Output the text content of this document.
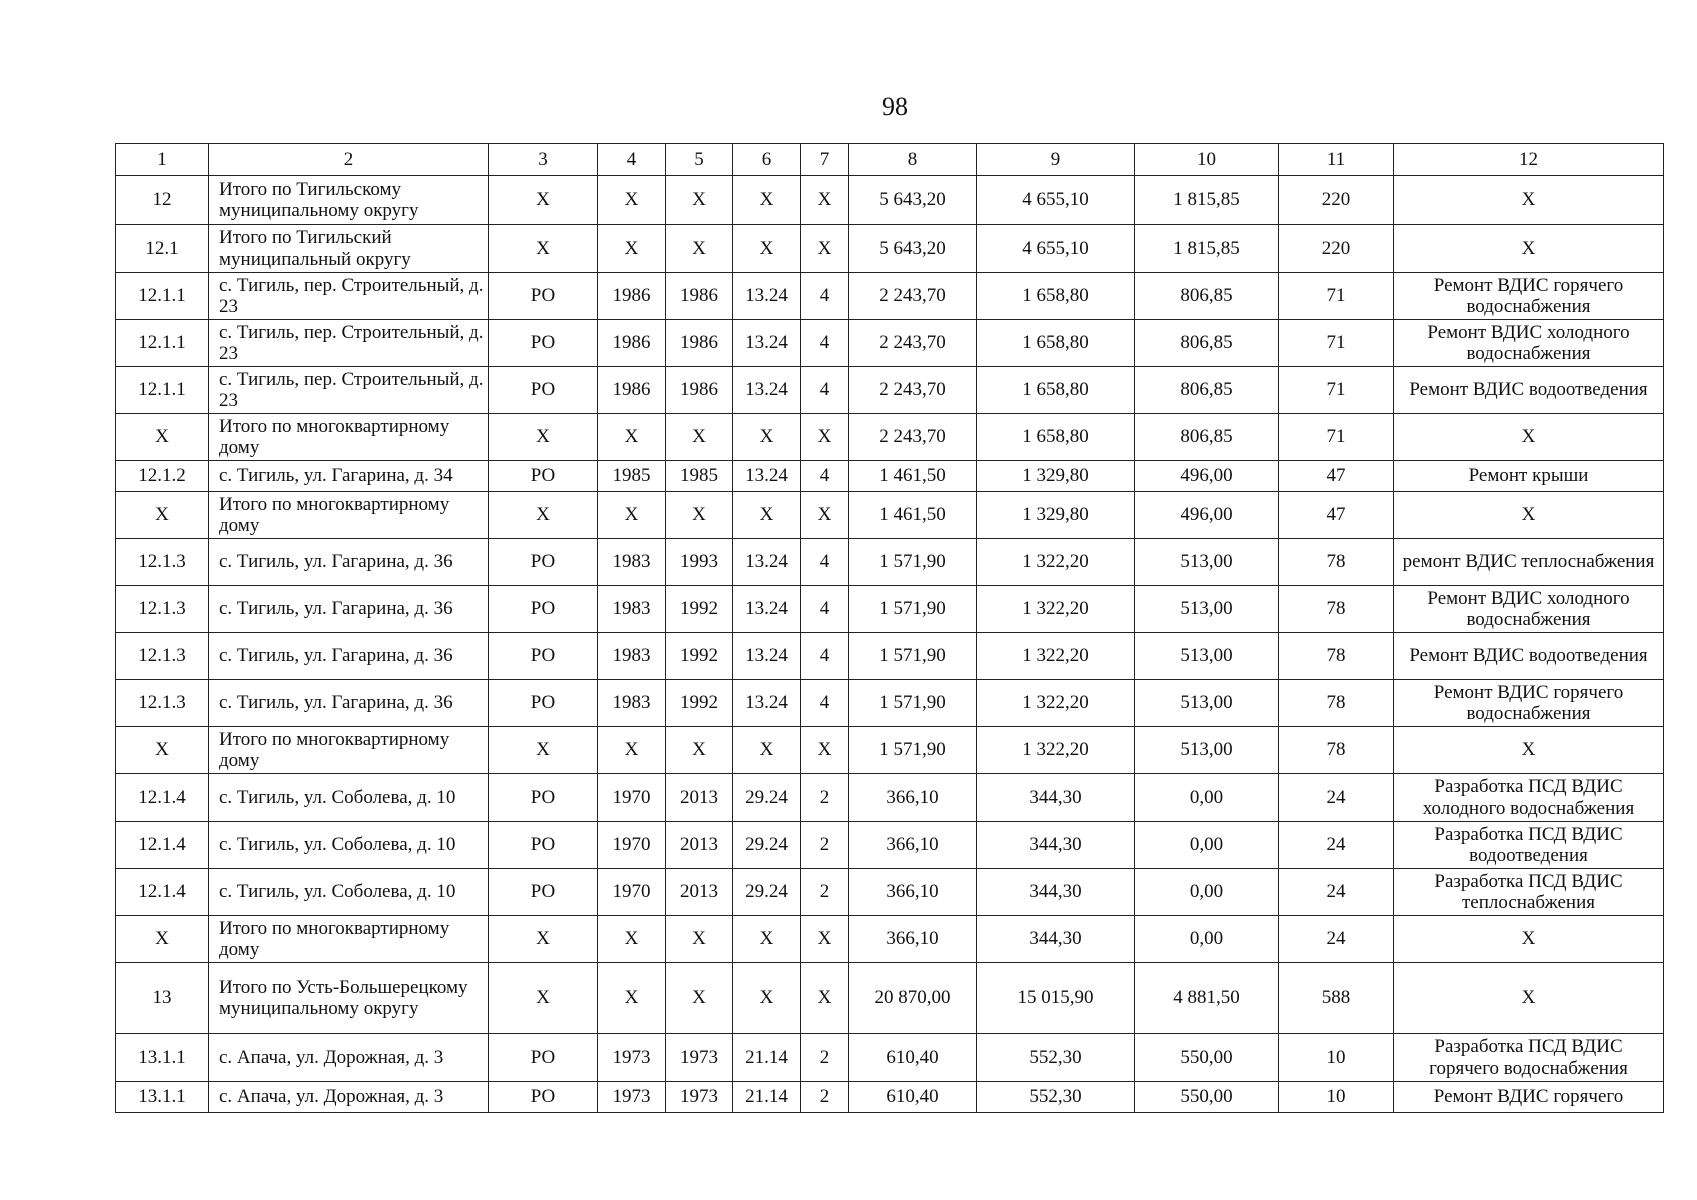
98
1	2	3	4	5	6	7	8	9	10	11	12
12	Итого по Тигильскому муниципальному округу	Х	Х	Х	Х	Х	5 643,20	4 655,10	1 815,85	220	Х
12.1	Итого по Тигильский муниципальный округу	Х	Х	Х	Х	Х	5 643,20	4 655,10	1 815,85	220	Х
12.1.1	с. Тигиль, пер. Строительный, д. 23	РО	1986	1986	13.24	4	2 243,70	1 658,80	806,85	71	Ремонт ВДИС горячего водоснабжения
12.1.1	с. Тигиль, пер. Строительный, д. 23	РО	1986	1986	13.24	4	2 243,70	1 658,80	806,85	71	Ремонт ВДИС холодного водоснабжения
12.1.1	с. Тигиль, пер. Строительный, д. 23	РО	1986	1986	13.24	4	2 243,70	1 658,80	806,85	71	Ремонт ВДИС водоотведения
Х	Итого по многоквартирному дому	Х	Х	Х	Х	Х	2 243,70	1 658,80	806,85	71	Х
12.1.2	с. Тигиль, ул. Гагарина, д. 34	РО	1985	1985	13.24	4	1 461,50	1 329,80	496,00	47	Ремонт крыши
Х	Итого по многоквартирному дому	Х	Х	Х	Х	Х	1 461,50	1 329,80	496,00	47	Х
12.1.3	с. Тигиль, ул. Гагарина, д. 36	РО	1983	1993	13.24	4	1 571,90	1 322,20	513,00	78	ремонт ВДИС теплоснабжения
12.1.3	с. Тигиль, ул. Гагарина, д. 36	РО	1983	1992	13.24	4	1 571,90	1 322,20	513,00	78	Ремонт ВДИС холодного водоснабжения
12.1.3	с. Тигиль, ул. Гагарина, д. 36	РО	1983	1992	13.24	4	1 571,90	1 322,20	513,00	78	Ремонт ВДИС водоотведения
12.1.3	с. Тигиль, ул. Гагарина, д. 36	РО	1983	1992	13.24	4	1 571,90	1 322,20	513,00	78	Ремонт ВДИС горячего водоснабжения
Х	Итого по многоквартирному дому	Х	Х	Х	Х	Х	1 571,90	1 322,20	513,00	78	Х
12.1.4	с. Тигиль, ул. Соболева, д. 10	РО	1970	2013	29.24	2	366,10	344,30	0,00	24	Разработка ПСД ВДИС холодного водоснабжения
12.1.4	с. Тигиль, ул. Соболева, д. 10	РО	1970	2013	29.24	2	366,10	344,30	0,00	24	Разработка ПСД ВДИС водоотведения
12.1.4	с. Тигиль, ул. Соболева, д. 10	РО	1970	2013	29.24	2	366,10	344,30	0,00	24	Разработка ПСД ВДИС теплоснабжения
Х	Итого по многоквартирному дому	Х	Х	Х	Х	Х	366,10	344,30	0,00	24	Х
13	Итого по Усть-Большерецкому муниципальному округу	Х	Х	Х	Х	Х	20 870,00	15 015,90	4 881,50	588	Х
13.1.1	с. Апача, ул. Дорожная, д. 3	РО	1973	1973	21.14	2	610,40	552,30	550,00	10	Разработка ПСД ВДИС горячего водоснабжения
13.1.1	с. Апача, ул. Дорожная, д. 3	РО	1973	1973	21.14	2	610,40	552,30	550,00	10	Ремонт ВДИС горячего
